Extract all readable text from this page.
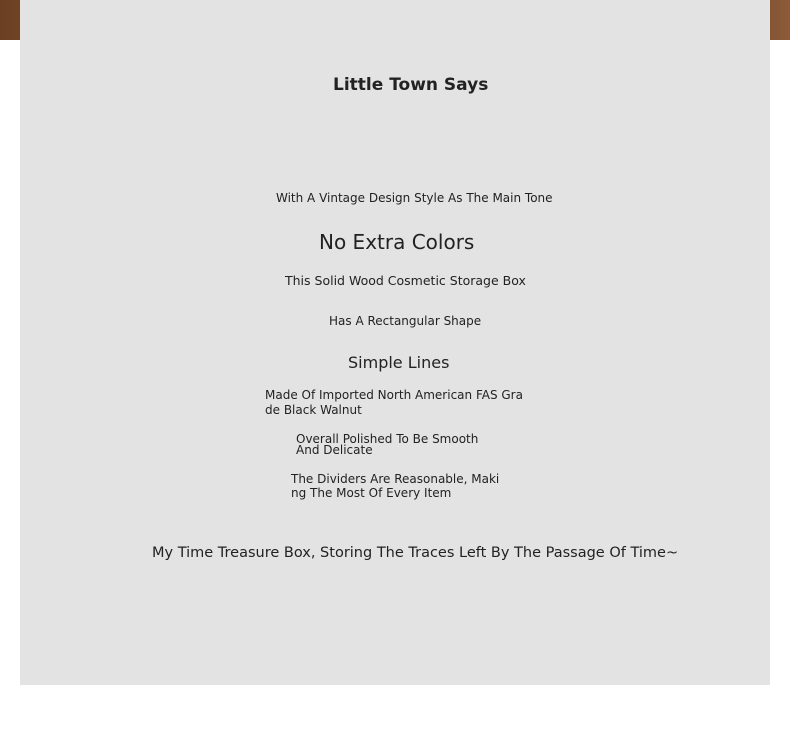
Little Town Says
With A Vintage Design Style As The Main Tone
No Extra Colors
This Solid Wood Cosmetic Storage Box
Has A Rectangular Shape
Simple Lines
Made Of Imported North American FAS Grade Black Walnut
Overall Polished To Be Smooth And Delicate
The Dividers Are Reasonable, Making The Most Of Every Item
My Time Treasure Box, Storing The Traces Left By The Passage Of Time~
